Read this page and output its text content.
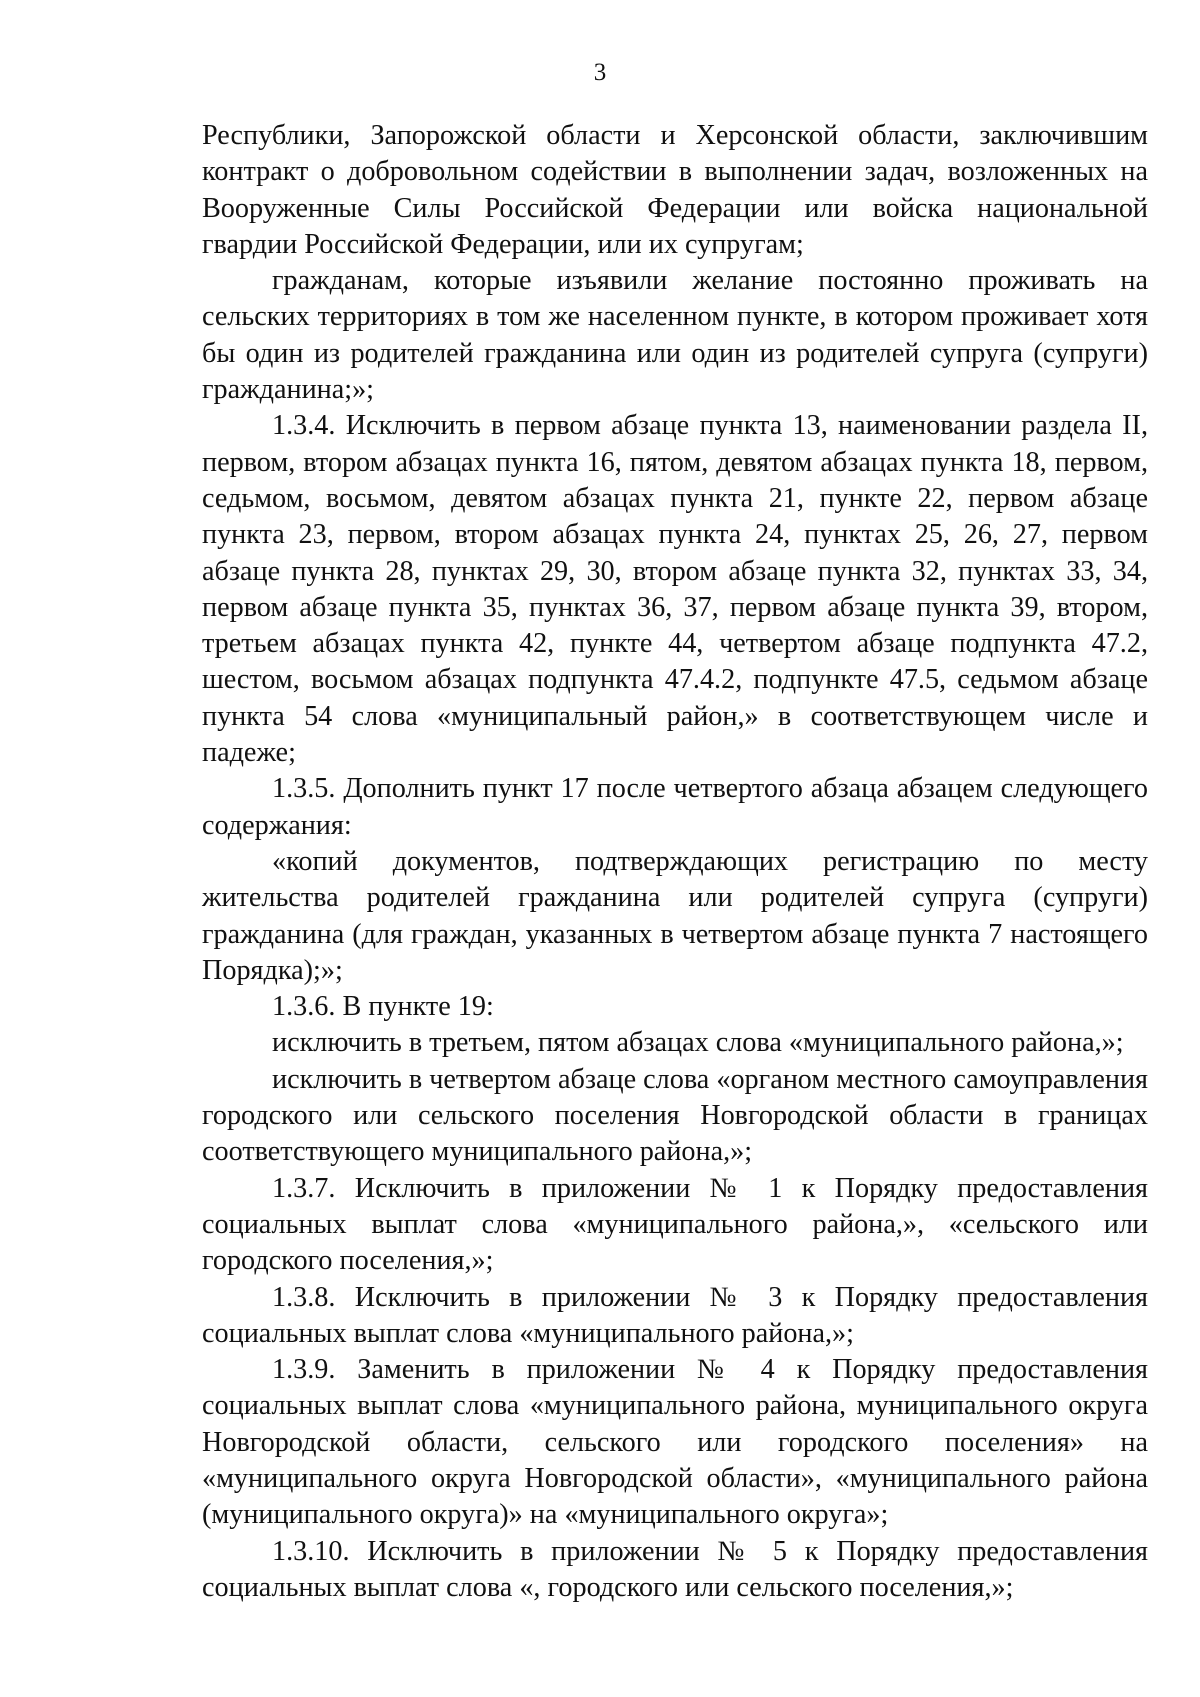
3

Республики, Запорожской области и Херсонской области, заключившим контракт о добровольном содействии в выполнении задач, возложенных на Вооруженные Силы Российской Федерации или войска национальной гвардии Российской Федерации, или их супругам;

гражданам, которые изъявили желание постоянно проживать на сельских территориях в том же населенном пункте, в котором проживает хотя бы один из родителей гражданина или один из родителей супруга (супруги) гражданина;»;

1.3.4. Исключить в первом абзаце пункта 13, наименовании раздела II, первом, втором абзацах пункта 16, пятом, девятом абзацах пункта 18, первом, седьмом, восьмом, девятом абзацах пункта 21, пункте 22, первом абзаце пункта 23, первом, втором абзацах пункта 24, пунктах 25, 26, 27, первом абзаце пункта 28, пунктах 29, 30, втором абзаце пункта 32, пунктах 33, 34, первом абзаце пункта 35, пунктах 36, 37, первом абзаце пункта 39, втором, третьем абзацах пункта 42, пункте 44, четвертом абзаце подпункта 47.2, шестом, восьмом абзацах подпункта 47.4.2, подпункте 47.5, седьмом абзаце пункта 54 слова «муниципальный район,» в соответствующем числе и падеже;

1.3.5. Дополнить пункт 17 после четвертого абзаца абзацем следующего содержания:

«копий документов, подтверждающих регистрацию по месту жительства родителей гражданина или родителей супруга (супруги) гражданина (для граждан, указанных в четвертом абзаце пункта 7 настоящего Порядка);»;

1.3.6. В пункте 19:

исключить в третьем, пятом абзацах слова «муниципального района,»;

исключить в четвертом абзаце слова «органом местного самоуправления городского или сельского поселения Новгородской области в границах соответствующего муниципального района,»;

1.3.7. Исключить в приложении № 1 к Порядку предоставления социальных выплат слова «муниципального района,», «сельского или городского поселения,»;

1.3.8. Исключить в приложении № 3 к Порядку предоставления социальных выплат слова «муниципального района,»;

1.3.9. Заменить в приложении № 4 к Порядку предоставления социальных выплат слова «муниципального района, муниципального округа Новгородской области, сельского или городского поселения» на «муниципального округа Новгородской области», «муниципального района (муниципального округа)» на «муниципального округа»;

1.3.10. Исключить в приложении № 5 к Порядку предоставления социальных выплат слова «, городского или сельского поселения,»;
